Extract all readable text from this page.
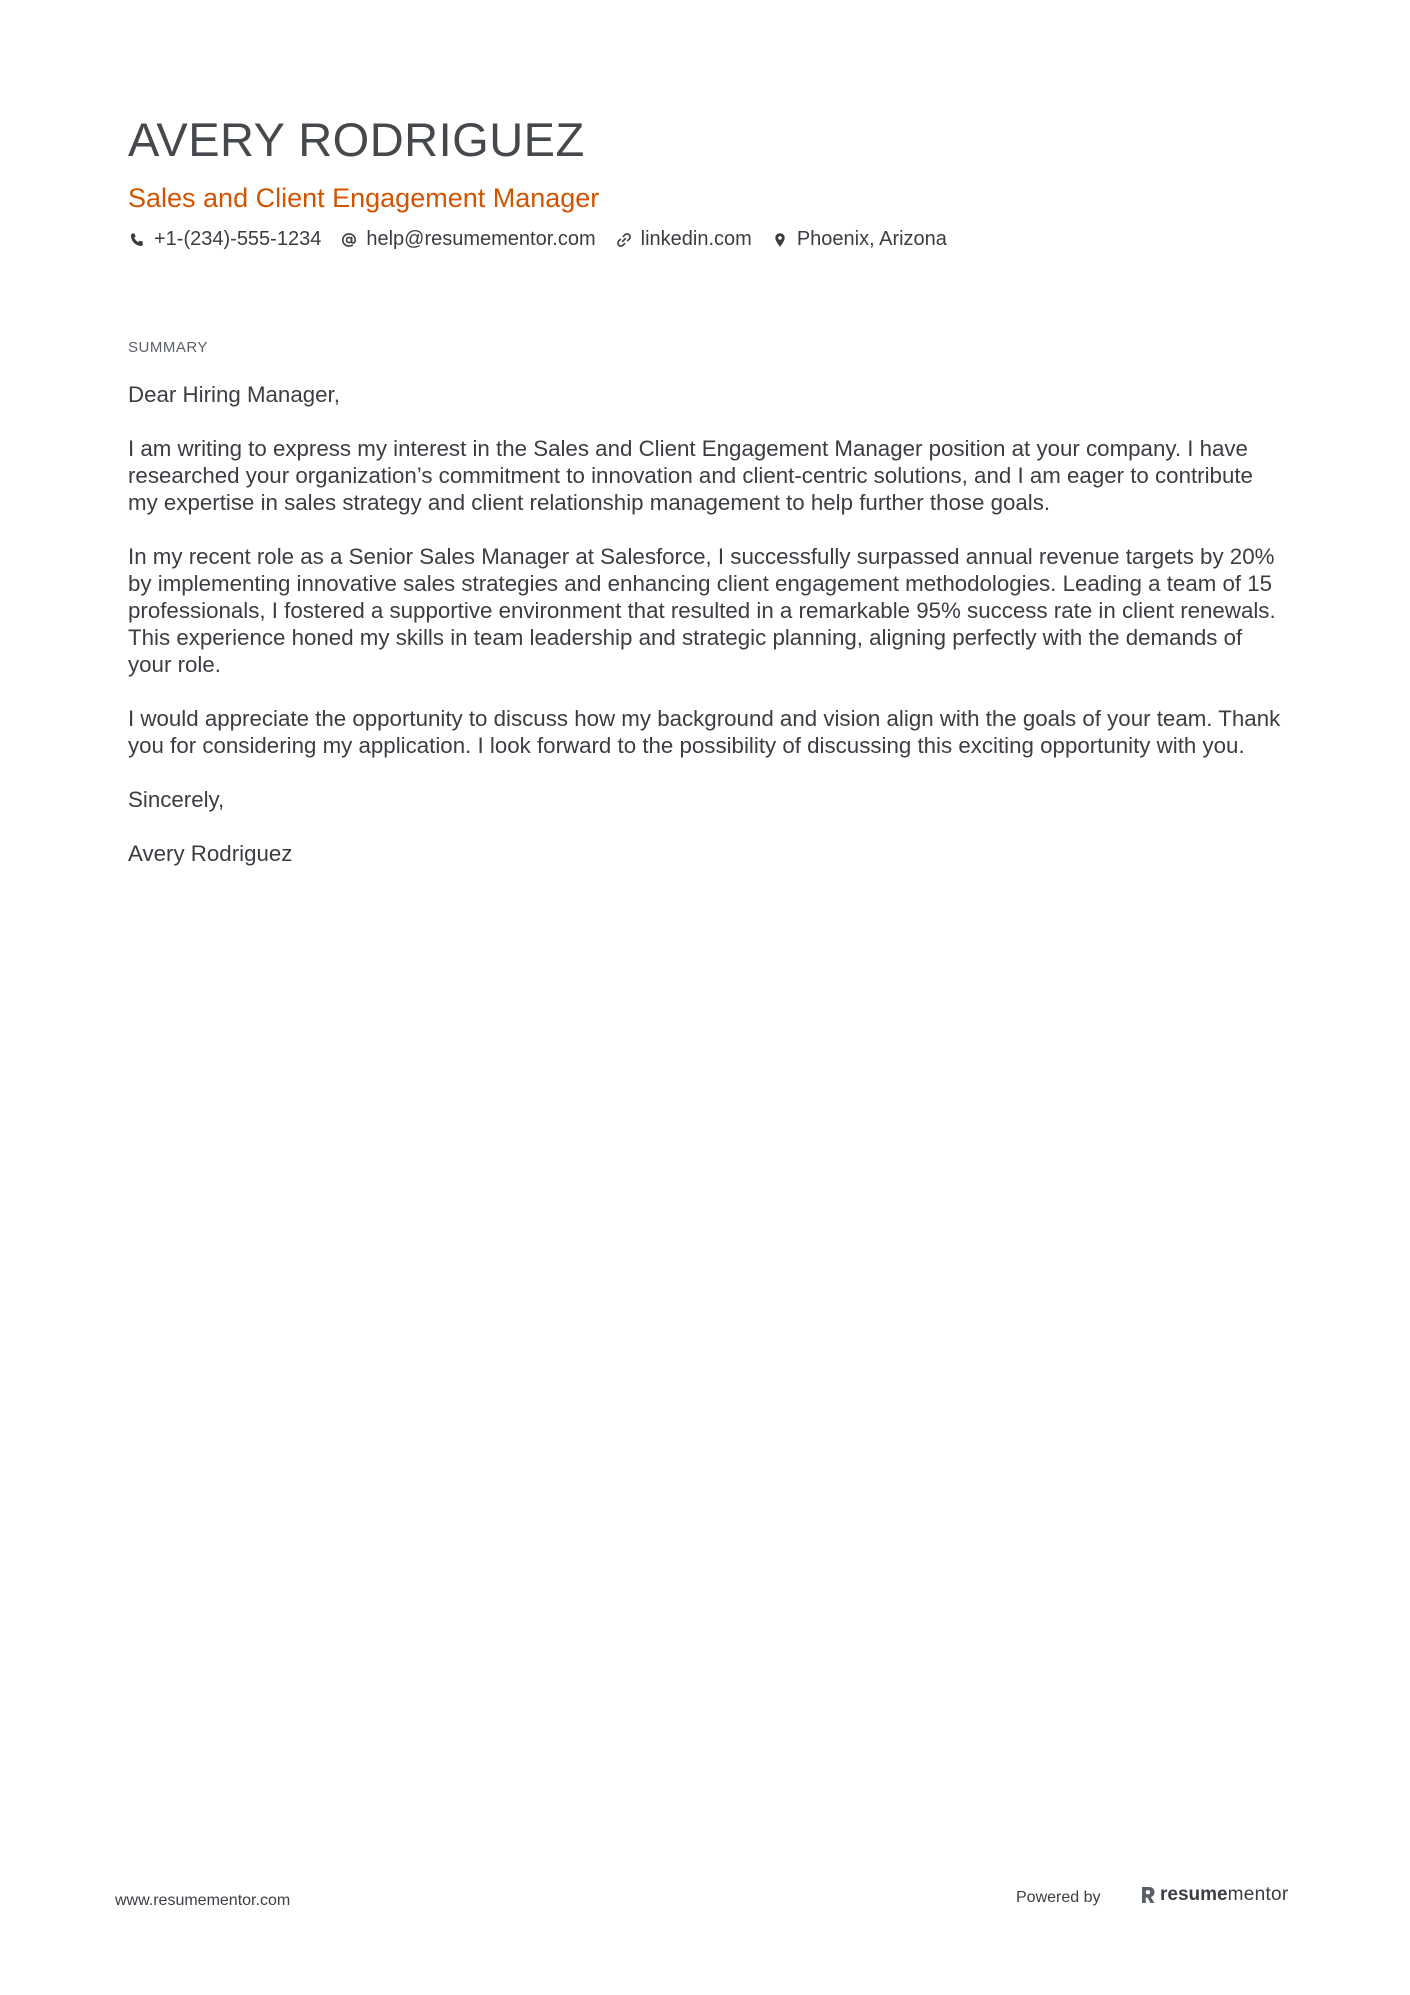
AVERY RODRIGUEZ
Sales and Client Engagement Manager
+1-(234)-555-1234 help@resumementor.com linkedin.com Phoenix, Arizona
SUMMARY

Dear Hiring Manager,

I am writing to express my interest in the Sales and Client Engagement Manager position at your company. I have researched your organization’s commitment to innovation and client-centric solutions, and I am eager to contribute my expertise in sales strategy and client relationship management to help further those goals.

In my recent role as a Senior Sales Manager at Salesforce, I successfully surpassed annual revenue targets by 20% by implementing innovative sales strategies and enhancing client engagement methodologies. Leading a team of 15 professionals, I fostered a supportive environment that resulted in a remarkable 95% success rate in client renewals. This experience honed my skills in team leadership and strategic planning, aligning perfectly with the demands of your role.

I would appreciate the opportunity to discuss how my background and vision align with the goals of your team. Thank you for considering my application. I look forward to the possibility of discussing this exciting opportunity with you.

Sincerely,

Avery Rodriguez

www.resumementor.com	Powered by	resume mentor
